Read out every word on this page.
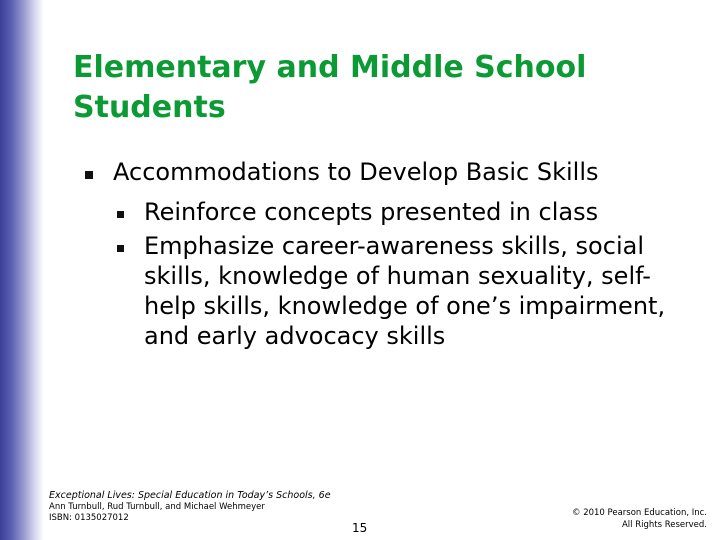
Elementary and Middle School Students
Accommodations to Develop Basic Skills
Reinforce concepts presented in class
Emphasize career-awareness skills, social skills, knowledge of human sexuality, self-help skills, knowledge of one’s impairment, and early advocacy skills
Exceptional Lives: Special Education in Today’s Schools, 6e
Ann Turnbull, Rud Turnbull, and Michael Wehmeyer
ISBN: 0135027012
15
© 2010 Pearson Education, Inc.
All Rights Reserved.
